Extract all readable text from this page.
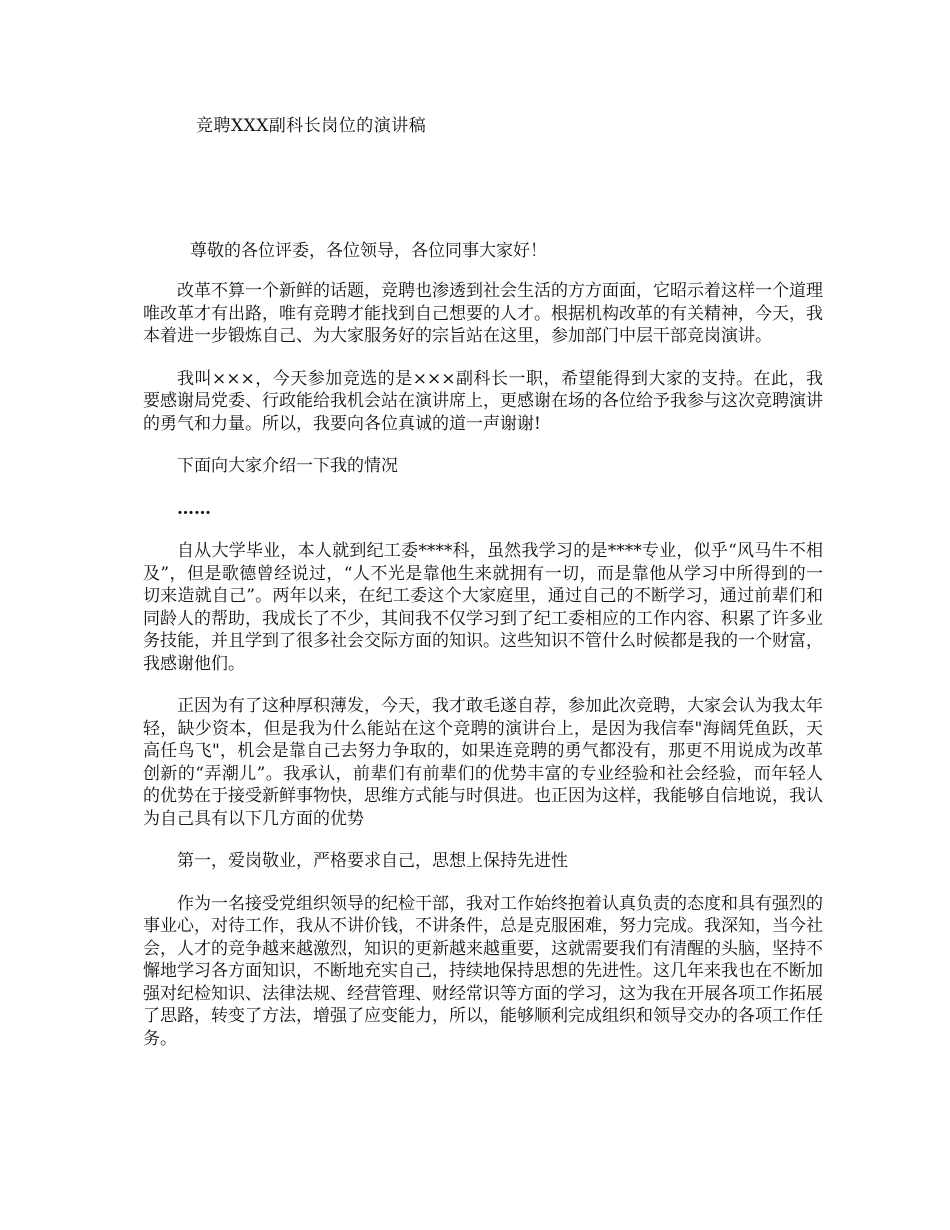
竞聘XXX副科长岗位的演讲稿
尊敬的各位评委，各位领导，各位同事大家好！

改革不算一个新鲜的话题，竞聘也渗透到社会生活的方方面面，它昭示着这样一个道理唯改革才有出路，唯有竞聘才能找到自己想要的人才。根据机构改革的有关精神，今天，我本着进一步锻炼自己、为大家服务好的宗旨站在这里，参加部门中层干部竞岗演讲。

我叫×××，今天参加竞选的是×××副科长一职，希望能得到大家的支持。在此，我要感谢局党委、行政能给我机会站在演讲席上，更感谢在场的各位给予我参与这次竞聘演讲的勇气和力量。所以，我要向各位真诚的道一声谢谢!

下面向大家介绍一下我的情况

……

自从大学毕业，本人就到纪工委****科，虽然我学习的是****专业，似乎“风马牛不相及”，但是歌德曾经说过，“人不光是靠他生来就拥有一切，而是靠他从学习中所得到的一切来造就自己”。两年以来，在纪工委这个大家庭里，通过自己的不断学习，通过前辈们和同龄人的帮助，我成长了不少，其间我不仅学习到了纪工委相应的工作内容、积累了许多业务技能，并且学到了很多社会交际方面的知识。这些知识不管什么时候都是我的一个财富，我感谢他们。

正因为有了这种厚积薄发，今天，我才敢毛遂自荐，参加此次竞聘，大家会认为我太年轻，缺少资本，但是我为什么能站在这个竞聘的演讲台上，是因为我信奉"海阔凭鱼跃，天高任鸟飞"，机会是靠自己去努力争取的，如果连竞聘的勇气都没有，那更不用说成为改革创新的“弄潮儿”。我承认，前辈们有前辈们的优势丰富的专业经验和社会经验，而年轻人的优势在于接受新鲜事物快，思维方式能与时俱进。也正因为这样，我能够自信地说，我认为自己具有以下几方面的优势

第一，爱岗敬业，严格要求自己，思想上保持先进性

作为一名接受党组织领导的纪检干部，我对工作始终抱着认真负责的态度和具有强烈的事业心，对待工作，我从不讲价钱，不讲条件，总是克服困难，努力完成。我深知，当今社会，人才的竞争越来越激烈，知识的更新越来越重要，这就需要我们有清醒的头脑，坚持不懈地学习各方面知识，不断地充实自己，持续地保持思想的先进性。这几年来我也在不断加强对纪检知识、法律法规、经营管理、财经常识等方面的学习，这为我在开展各项工作拓展了思路，转变了方法，增强了应变能力，所以，能够顺利完成组织和领导交办的各项工作任务。
